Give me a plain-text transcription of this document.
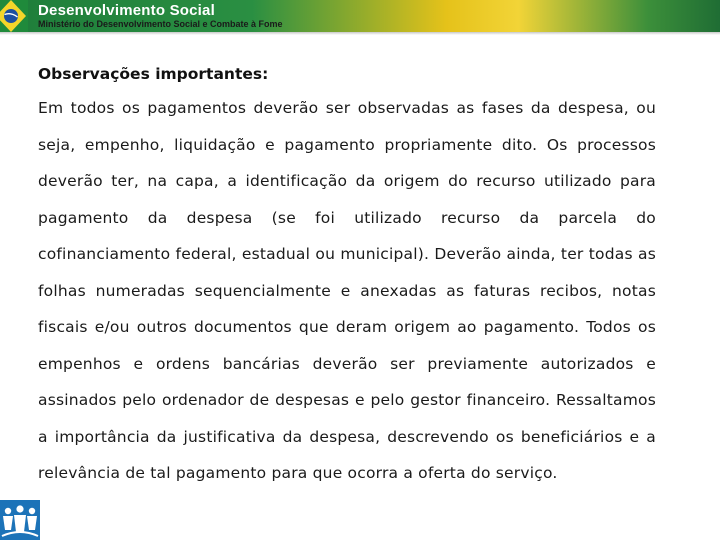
Desenvolvimento Social
Ministério do Desenvolvimento Social e Combate à Fome
Observações importantes:

Em todos os pagamentos deverão ser observadas as fases da despesa, ou seja, empenho, liquidação e pagamento propriamente dito. Os processos deverão ter, na capa, a identificação da origem do recurso utilizado para pagamento da despesa (se foi utilizado recurso da parcela do cofinanciamento federal, estadual ou municipal). Deverão ainda, ter todas as folhas numeradas sequencialmente e anexadas as faturas recibos, notas fiscais e/ou outros documentos que deram origem ao pagamento. Todos os empenhos e ordens bancárias deverão ser previamente autorizados e assinados pelo ordenador de despesas e pelo gestor financeiro. Ressaltamos a importância da justificativa da despesa, descrevendo os beneficiários e a relevância de tal pagamento para que ocorra a oferta do serviço.
